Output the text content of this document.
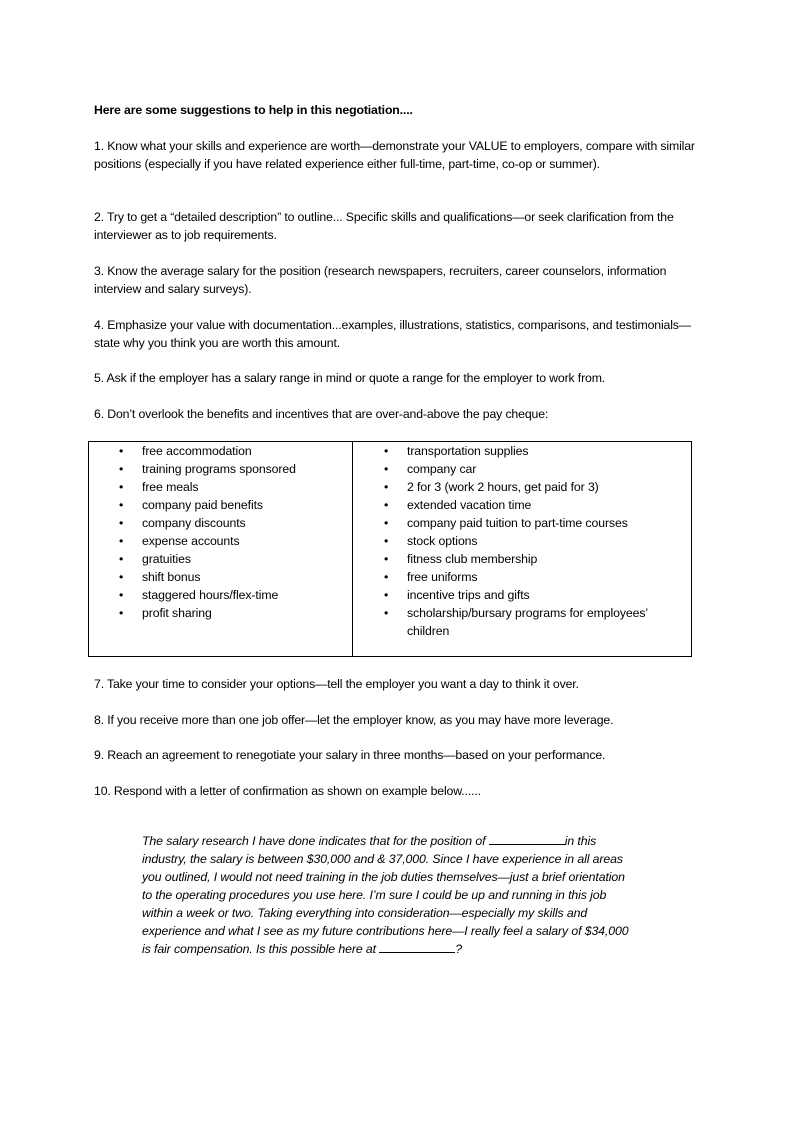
Here are some suggestions to help in this negotiation....

1. Know what your skills and experience are worth—demonstrate your VALUE to employers, compare with similar positions (especially if you have related experience either full-time, part-time, co-op or summer).

2. Try to get a “detailed description” to outline... Specific skills and qualifications—or seek clarification from the interviewer as to job requirements.

3. Know the average salary for the position (research newspapers, recruiters, career counselors, information interview and salary surveys).

4. Emphasize your value with documentation...examples, illustrations, statistics, comparisons, and testimonials—state why you think you are worth this amount.

5. Ask if the employer has a salary range in mind or quote a range for the employer to work from.

6. Don’t overlook the benefits and incentives that are over-and-above the pay cheque:

• free accommodation
• training programs sponsored
• free meals
• company paid benefits
• company discounts
• expense accounts
• gratuities
• shift bonus
• staggered hours/flex-time
• profit sharing
• transportation supplies
• company car
• 2 for 3 (work 2 hours, get paid for 3)
• extended vacation time
• company paid tuition to part-time courses
• stock options
• fitness club membership
• free uniforms
• incentive trips and gifts
• scholarship/bursary programs for employees’ children

7. Take your time to consider your options—tell the employer you want a day to think it over.

8. If you receive more than one job offer—let the employer know, as you may have more leverage.

9. Reach an agreement to renegotiate your salary in three months—based on your performance.

10. Respond with a letter of confirmation as shown on example below......

The salary research I have done indicates that for the position of	in this industry, the salary is between $30,000 and & 37,000. Since I have experience in all areas you outlined, I would not need training in the job duties themselves—just a brief orientation to the operating procedures you use here. I’m sure I could be up and running in this job within a week or two. Taking everything into consideration—especially my skills and experience and what I see as my future contributions here—I really feel a salary of $34,000 is fair compensation. Is this possible here at	?
